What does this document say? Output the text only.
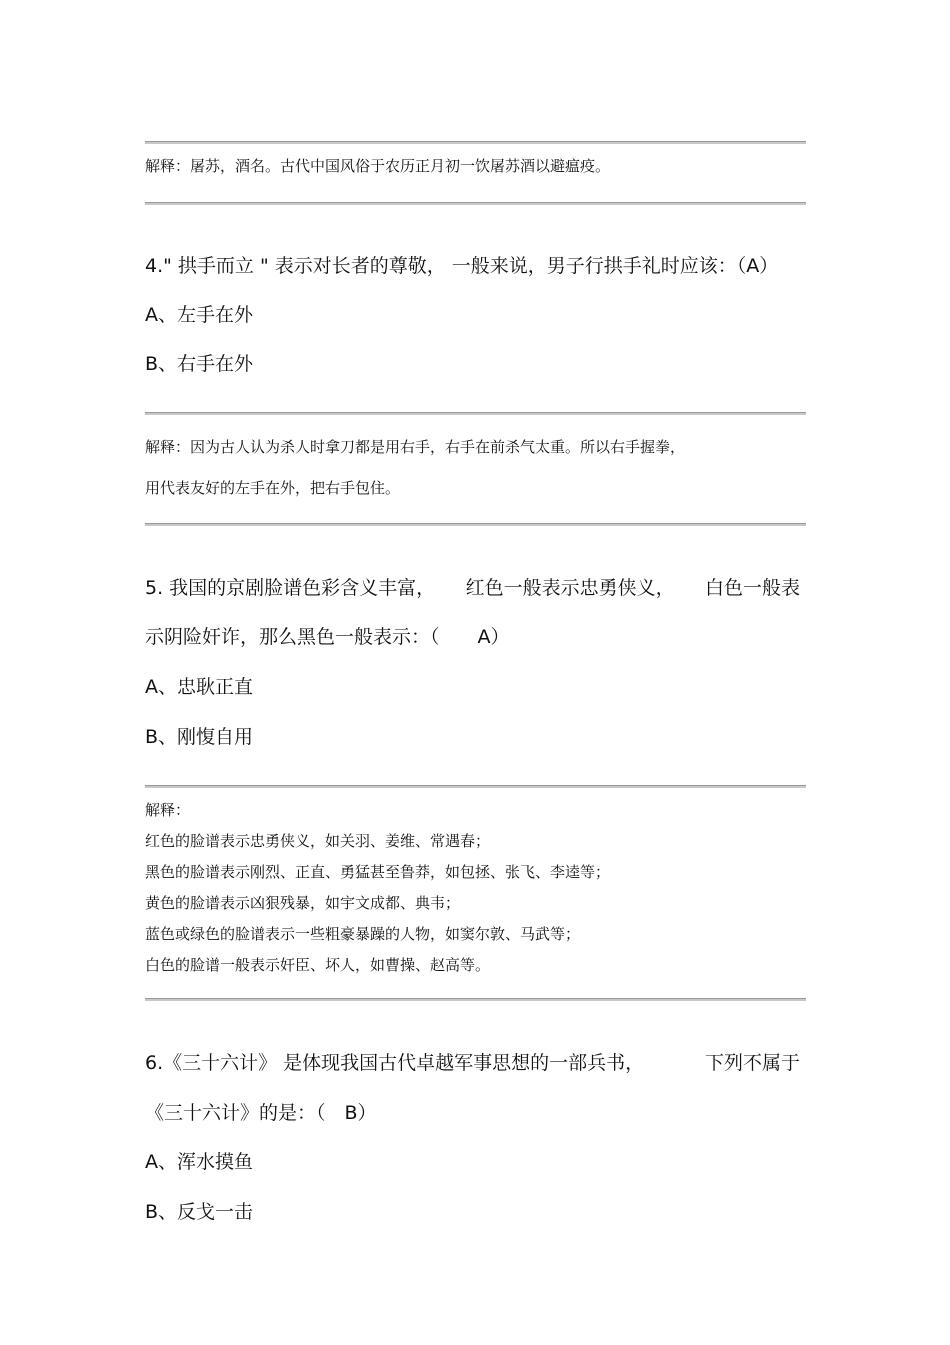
解释：屠苏，酒名。古代中国风俗于农历正月初一饮屠苏酒以避瘟疫。
4." 拱手而立 " 表示对长者的尊敬， 一般来说，男子行拱手礼时应该：（A）
A、左手在外
B、右手在外
解释：因为古人认为杀人时拿刀都是用右手，右手在前杀气太重。所以右手握拳，
用代表友好的左手在外，把右手包住。
5. 我国的京剧脸谱色彩含义丰富， 红色一般表示忠勇侠义， 白色一般表
示阴险奸诈，那么黑色一般表示：（　　A）
A、忠耿正直
B、刚愎自用
解释：
红色的脸谱表示忠勇侠义，如关羽、姜维、常遇春；
黑色的脸谱表示刚烈、正直、勇猛甚至鲁莽，如包拯、张飞、李逵等；
黄色的脸谱表示凶狠残暴，如宇文成都、典韦；
蓝色或绿色的脸谱表示一些粗豪暴躁的人物，如窦尔敦、马武等；
白色的脸谱一般表示奸臣、坏人，如曹操、赵高等。
6.《三十六计》 是体现我国古代卓越军事思想的一部兵书，	下列不属于
《三十六计》的是：（　B）
A、浑水摸鱼
B、反戈一击
